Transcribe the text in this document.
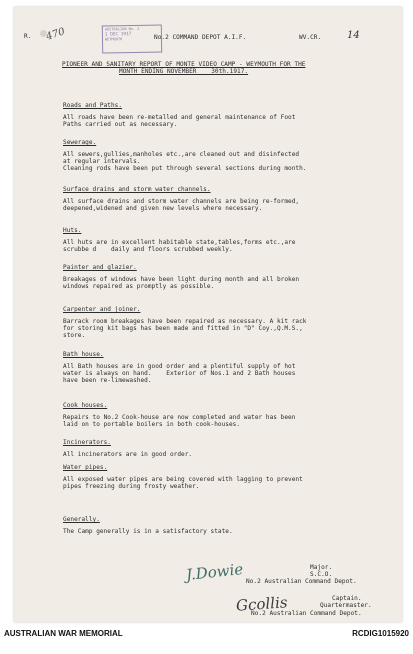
R. 470	AUSTRALIAN No. 2
1 DEC 1917
WEYMOUTH	No.2 COMMAND DEPOT A.I.F.	WV.CR.	14
PIONEER AND SANITARY REPORT OF MONTE VIDEO CAMP - WEYMOUTH FOR THE
MONTH ENDING NOVEMBER    30th.1917.
Roads and Paths.
All roads have been re-metalled and general maintenance of Foot
Paths carried out as necessary.
Sewerage.
All sewers,gullies,manholes etc.,are cleaned out and disinfected
at regular intervals.
Cleaning rods have been put through several sections during month.
Surface drains and storm water channels.
All surface drains and storm water channels are being re-formed,
deepened,widened and given new levels where necessary.
Huts.
All huts are in excellent habitable state,tables,forms etc.,are
scrubbe d    daily and floors scrubbed weekly.
Painter and glazier.
Breakages of windows have been light during month and all broken
windows repaired as promptly as possible.
Carpenter and joiner.
Barrack room breakages have been repaired as necessary. A kit rack
for storing kit bags has been made and fitted in "D" Coy.,Q.M.S.,
store.
Bath house.
All Bath houses are in good order and a plentiful supply of hot
water is always on hand.    Exterior of Nos.1 and 2 Bath houses
have been re-limewashed.
Cook houses.
Repairs to No.2 Cook-house are now completed and water has been
laid on to portable boilers in both cook-houses.
Incinerators.
All incinerators are in good order.
Water pipes.
All exposed water pipes are being covered with lagging to prevent
pipes freezing during frosty weather.
Generally.
The Camp generally is in a satisfactory state.
J.Dowie	Major.
S.C.O.
No.2 Australian Command Depot.
Gcollis	Captain.
Quartermaster.
No.2 Australian Command Depot.
AUSTRALIAN WAR MEMORIAL	RCDIG1015920
